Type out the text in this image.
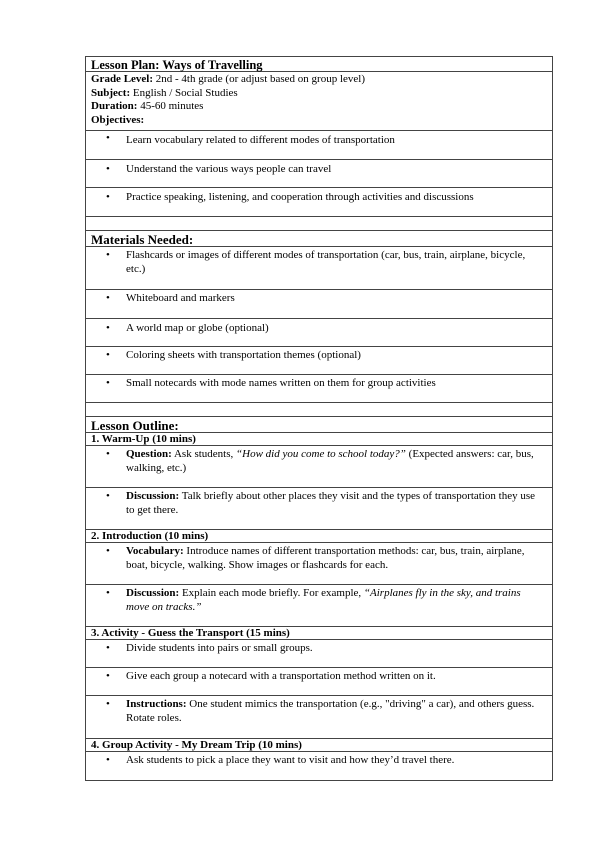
Lesson Plan: Ways of Travelling
Grade Level: 2nd - 4th grade (or adjust based on group level)
Subject: English / Social Studies
Duration: 45-60 minutes
Objectives:
• Learn vocabulary related to different modes of transportation
• Understand the various ways people can travel
• Practice speaking, listening, and cooperation through activities and discussions
Materials Needed:
• Flashcards or images of different modes of transportation (car, bus, train, airplane, bicycle, etc.)
• Whiteboard and markers
• A world map or globe (optional)
• Coloring sheets with transportation themes (optional)
• Small notecards with mode names written on them for group activities
Lesson Outline:
1. Warm-Up (10 mins)
• Question: Ask students, “How did you come to school today?” (Expected answers: car, bus, walking, etc.)
• Discussion: Talk briefly about other places they visit and the types of transportation they use to get there.
2. Introduction (10 mins)
• Vocabulary: Introduce names of different transportation methods: car, bus, train, airplane, boat, bicycle, walking. Show images or flashcards for each.
• Discussion: Explain each mode briefly. For example, “Airplanes fly in the sky, and trains move on tracks.”
3. Activity - Guess the Transport (15 mins)
• Divide students into pairs or small groups.
• Give each group a notecard with a transportation method written on it.
• Instructions: One student mimics the transportation (e.g., "driving" a car), and others guess. Rotate roles.
4. Group Activity - My Dream Trip (10 mins)
• Ask students to pick a place they want to visit and how they’d travel there.
